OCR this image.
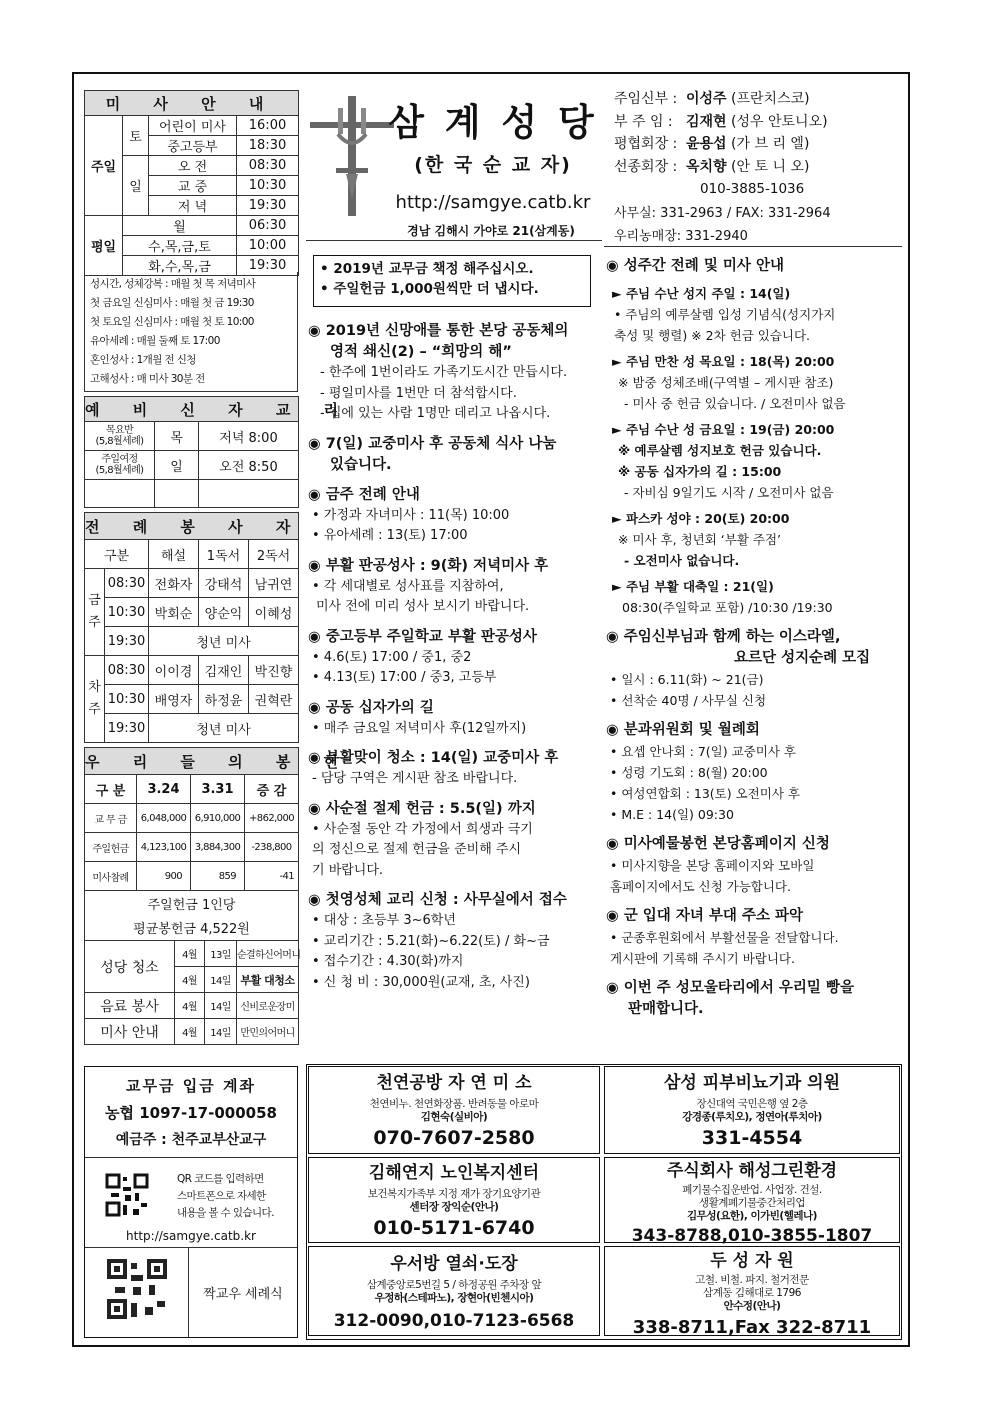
미 사 안 내			
주일	토	어린이 미사	16:00
		중고등부	18:30
	일	오 전	08:30
		교 중	10:30
		저 녁	19:30
평일	월		06:30
	수,목,금,토		10:00
	화,수,목,금		19:30
성시간, 성체강복 : 매월 첫 목 저녁미사
첫 금요일 신심미사 : 매월 첫 금 19:30
첫 토요일 신심미사 : 매월 첫 토 10:00
유아세례 : 매월 둘째 토 17:00
혼인성사 : 1개월 전 신청
고해성사 : 매 미사 30분 전
예 비 신 자 교 리		
목요반
(5,8월세례)	목	저녁 8:00
주일여정
(5,8월세례)	일	오전 8:50

전 례 봉 사 자				
구분		해설	1독서	2독서
금주	08:30	전화자	강태석	남귀연
	10:30	박회순	양순익	이혜성
	19:30	청년 미사		
차주	08:30	이이경	김재인	박진향
	10:30	배영자	하정윤	권혁란
	19:30	청년 미사		
우 리 들 의 봉 헌			
구 분	3.24	3.31	증 감
교 무 금	6,048,000	6,910,000	+862,000
주일헌금	4,123,100	3,884,300	-238,800
미사참례	900	859	-41
주일헌금 1인당			
평균봉헌금 4,522원			
성당 청소	4월	13일	순결하신어머니
	4월	14일	부활 대청소
음료 봉사	4월	14일	신비로운장미
미사 안내	4월	14일	만민의어머니
교무금 입금 계좌
농협 1097-17-000058
예금주 : 천주교부산교구
QR 코드를 입력하면
스마트폰으로 자세한
내용을 볼 수 있습니다.
http://samgye.catb.kr
짝교우 세례식
삼 계 성 당
(한 국 순 교 자)
http://samgye.catb.kr
경남 김해시 가야로 21(삼계동)
주임신부 : 이성주 (프란치스코)
부 주 임 : 김재현 (성우 안토니오)
평협회장 : 윤용섭 (가 브 리 엘)
선종회장 : 옥치향 (안 토 니 오)
010-3885-1036
사무실: 331-2963 / FAX: 331-2964
우리농매장: 331-2940
• 2019년 교무금 책정 해주십시오.
• 주일헌금 1,000원씩만 더 냅시다.
◉ 2019년 신망애를 통한 본당 공동체의
영적 쇄신(2) – “희망의 해”
- 한주에 1번이라도 가족기도시간 만듭시다.
- 평일미사를 1번만 더 참석합시다.
- 집에 있는 사람 1명만 데리고 나옵시다.
◉ 7(일) 교중미사 후 공동체 식사 나눔
있습니다.
◉ 금주 전례 안내
• 가정과 자녀미사 : 11(목) 10:00
• 유아세례 : 13(토) 17:00
◉ 부활 판공성사 : 9(화) 저녁미사 후
• 각 세대별로 성사표를 지참하여,
미사 전에 미리 성사 보시기 바랍니다.
◉ 중고등부 주일학교 부활 판공성사
• 4.6(토) 17:00 / 중1, 중2
• 4.13(토) 17:00 / 중3, 고등부
◉ 공동 십자가의 길
• 매주 금요일 저녁미사 후(12일까지)
◉ 부활맞이 청소 : 14(일) 교중미사 후
- 담당 구역은 게시판 참조 바랍니다.
◉ 사순절 절제 헌금 : 5.5(일) 까지
• 사순절 동안 각 가정에서 희생과 극기
의 정신으로 절제 헌금을 준비해 주시
기 바랍니다.
◉ 첫영성체 교리 신청 : 사무실에서 접수
• 대상 : 초등부 3~6학년
• 교리기간 : 5.21(화)~6.22(토) / 화~금
• 접수기간 : 4.30(화)까지
• 신 청 비 : 30,000원(교재, 초, 사진)
◉ 성주간 전례 및 미사 안내
► 주님 수난 성지 주일 : 14(일)
• 주님의 예루살렘 입성 기념식(성지가지
축성 및 행렬) ※ 2차 헌금 있습니다.
► 주님 만찬 성 목요일 : 18(목) 20:00
※ 밤중 성체조배(구역별 – 게시판 참조)
- 미사 중 헌금 있습니다. / 오전미사 없음
► 주님 수난 성 금요일 : 19(금) 20:00
※ 예루살렘 성지보호 헌금 있습니다.
※ 공동 십자가의 길 : 15:00
- 자비심 9일기도 시작 / 오전미사 없음
► 파스카 성야 : 20(토) 20:00
※ 미사 후, 청년회 ‘부활 주점’
- 오전미사 없습니다.
► 주님 부활 대축일 : 21(일)
08:30(주일학교 포함) /10:30 /19:30
◉ 주임신부님과 함께 하는 이스라엘,
요르단 성지순례 모집
• 일시 : 6.11(화) ~ 21(금)
• 선착순 40명 / 사무실 신청
◉ 분과위원회 및 월례회
• 요셉 안나회 : 7(일) 교중미사 후
• 성령 기도회 : 8(월) 20:00
• 여성연합회 : 13(토) 오전미사 후
• M.E : 14(일) 09:30
◉ 미사예물봉헌 본당홈페이지 신청
• 미사지향을 본당 홈페이지와 모바일
홈페이지에서도 신청 가능합니다.
◉ 군 입대 자녀 부대 주소 파악
• 군종후원회에서 부활선물을 전달합니다.
게시판에 기록해 주시기 바랍니다.
◉ 이번 주 성모울타리에서 우리밀 빵을
판매합니다.
천연공방 자 연 미 소
천연비누. 천연화장품. 반려동물 아로마
김현숙(실비아)
070-7607-2580
삼성 피부비뇨기과 의원
장신대역 국민은행 옆 2층
강경종(루치오), 정연아(루치아)
331-4554
김해연지 노인복지센터
보건복지가족부 지정 재가 장기요양기관
센터장 장익순(안나)
010-5171-6740
주식회사 해성그린환경
폐기물수집운반업. 사업장. 건설.
생활계폐기물중간처리업
김무성(요한), 이가빈(헬레나)
343-8788,010-3855-1807
우서방 열쇠·도장
삼계중앙로5번길 5 / 하정공원 주차장 앞
우정하(스테파노), 장현아(빈첸시아)
312-0090,010-7123-6568
두 성 자 원
고철. 비철. 파지. 철거전문
삼계동 김해대로 1796
안수정(안나)
338-8711,Fax 322-8711
